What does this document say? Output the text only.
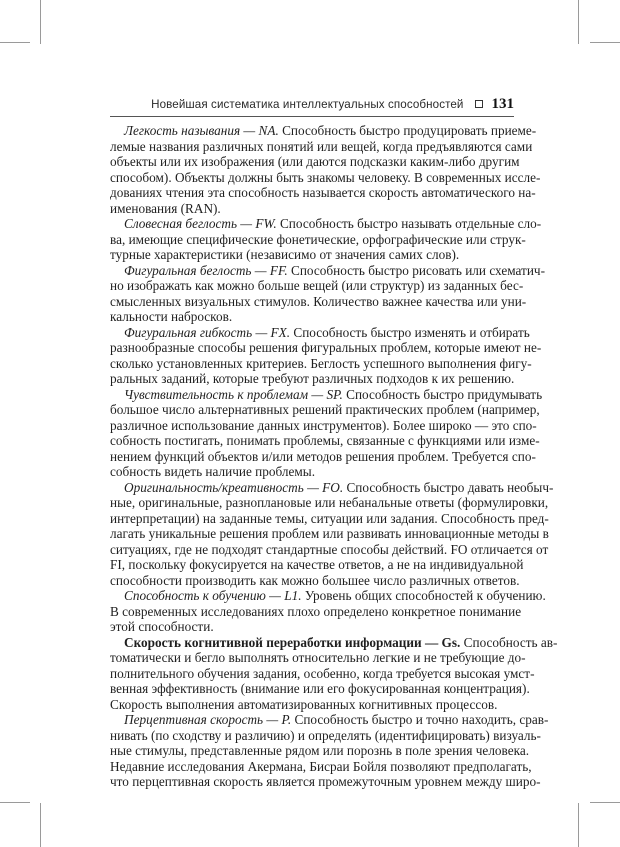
Новейшая систематика интеллектуальных способностей 131
Легкость называния — NA. Способность быстро продуцировать приеме-
лемые названия различных понятий или вещей, когда предъявляются сами
объекты или их изображения (или даются подсказки каким-либо другим
способом). Объекты должны быть знакомы человеку. В современных иссле-
дованиях чтения эта способность называется скорость автоматического на-
именования (RAN).
Словесная беглость — FW. Способность быстро называть отдельные сло-
ва, имеющие специфические фонетические, орфографические или струк-
турные характеристики (независимо от значения самих слов).
Фигуральная беглость — FF. Способность быстро рисовать или схематич-
но изображать как можно больше вещей (или структур) из заданных бес-
смысленных визуальных стимулов. Количество важнее качества или уни-
кальности набросков.
Фигуральная гибкость — FX. Способность быстро изменять и отбирать
разнообразные способы решения фигуральных проблем, которые имеют не-
сколько установленных критериев. Беглость успешного выполнения фигу-
ральных заданий, которые требуют различных подходов к их решению.
Чувствительность к проблемам — SP. Способность быстро придумывать
большое число альтернативных решений практических проблем (например,
различное использование данных инструментов). Более широко — это спо-
собность постигать, понимать проблемы, связанные с функциями или изме-
нением функций объектов и/или методов решения проблем. Требуется спо-
собность видеть наличие проблемы.
Оригинальность/креативность — FO. Способность быстро давать необыч-
ные, оригинальные, разноплановые или небанальные ответы (формулировки,
интерпретации) на заданные темы, ситуации или задания. Способность пред-
лагать уникальные решения проблем или развивать инновационные методы в
ситуациях, где не подходят стандартные способы действий. FO отличается от
FI, поскольку фокусируется на качестве ответов, а не на индивидуальной
способности производить как можно большее число различных ответов.
Способность к обучению — L1. Уровень общих способностей к обучению.
В современных исследованиях плохо определено конкретное понимание
этой способности.
Скорость когнитивной переработки информации — Gs. Способность ав-
томатически и бегло выполнять относительно легкие и не требующие до-
полнительного обучения задания, особенно, когда требуется высокая умст-
венная эффективность (внимание или его фокусированная концентрация).
Скорость выполнения автоматизированных когнитивных процессов.
Перцептивная скорость — P. Способность быстро и точно находить, срав-
нивать (по сходству и различию) и определять (идентифицировать) визуаль-
ные стимулы, представленные рядом или порознь в поле зрения человека.
Недавние исследования Акермана, Бисраи Бойля позволяют предполагать,
что перцептивная скорость является промежуточным уровнем между широ-
